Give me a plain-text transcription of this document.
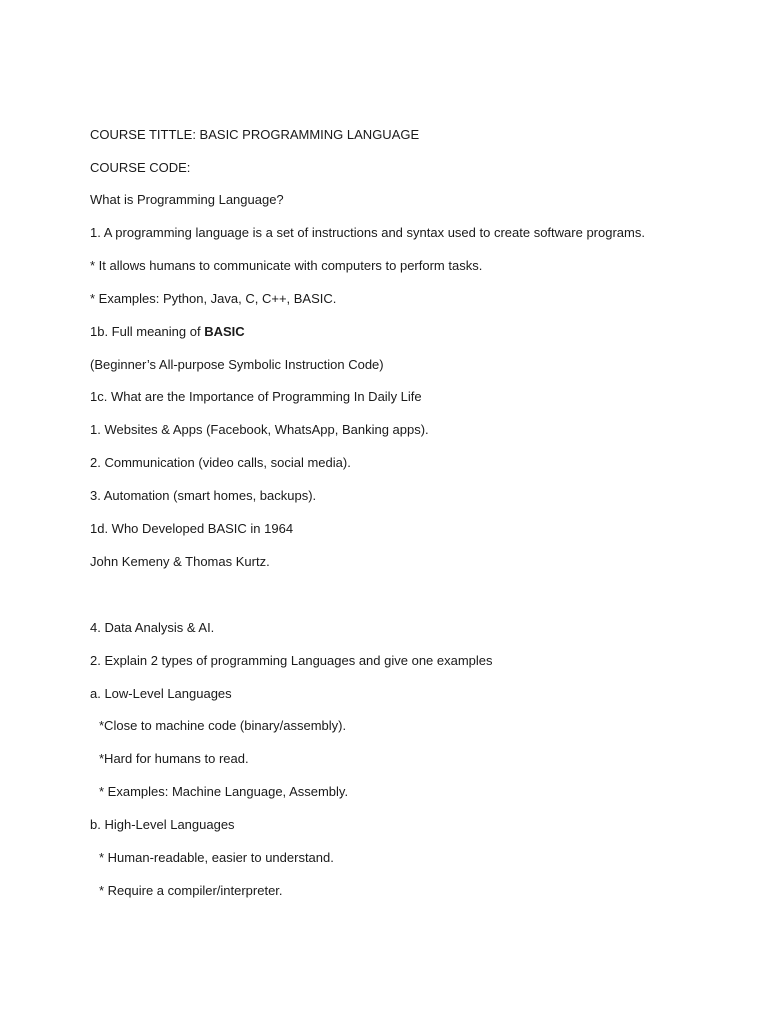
COURSE TITTLE: BASIC PROGRAMMING LANGUAGE
COURSE CODE:
What is Programming Language?
1. A programming language is a set of instructions and syntax used to create software programs.
* It allows humans to communicate with computers to perform tasks.
* Examples: Python, Java, C, C++, BASIC.
1b. Full meaning of BASIC
(Beginner’s All-purpose Symbolic Instruction Code)
1c. What are the Importance of Programming In Daily Life
1. Websites & Apps (Facebook, WhatsApp, Banking apps).
2. Communication (video calls, social media).
3. Automation (smart homes, backups).
1d. Who Developed BASIC in 1964
John Kemeny & Thomas Kurtz.
4. Data Analysis & AI.
2. Explain 2 types of programming Languages and give one examples
a. Low-Level Languages
*Close to machine code (binary/assembly).
*Hard for humans to read.
* Examples: Machine Language, Assembly.
b. High-Level Languages
* Human-readable, easier to understand.
* Require a compiler/interpreter.
